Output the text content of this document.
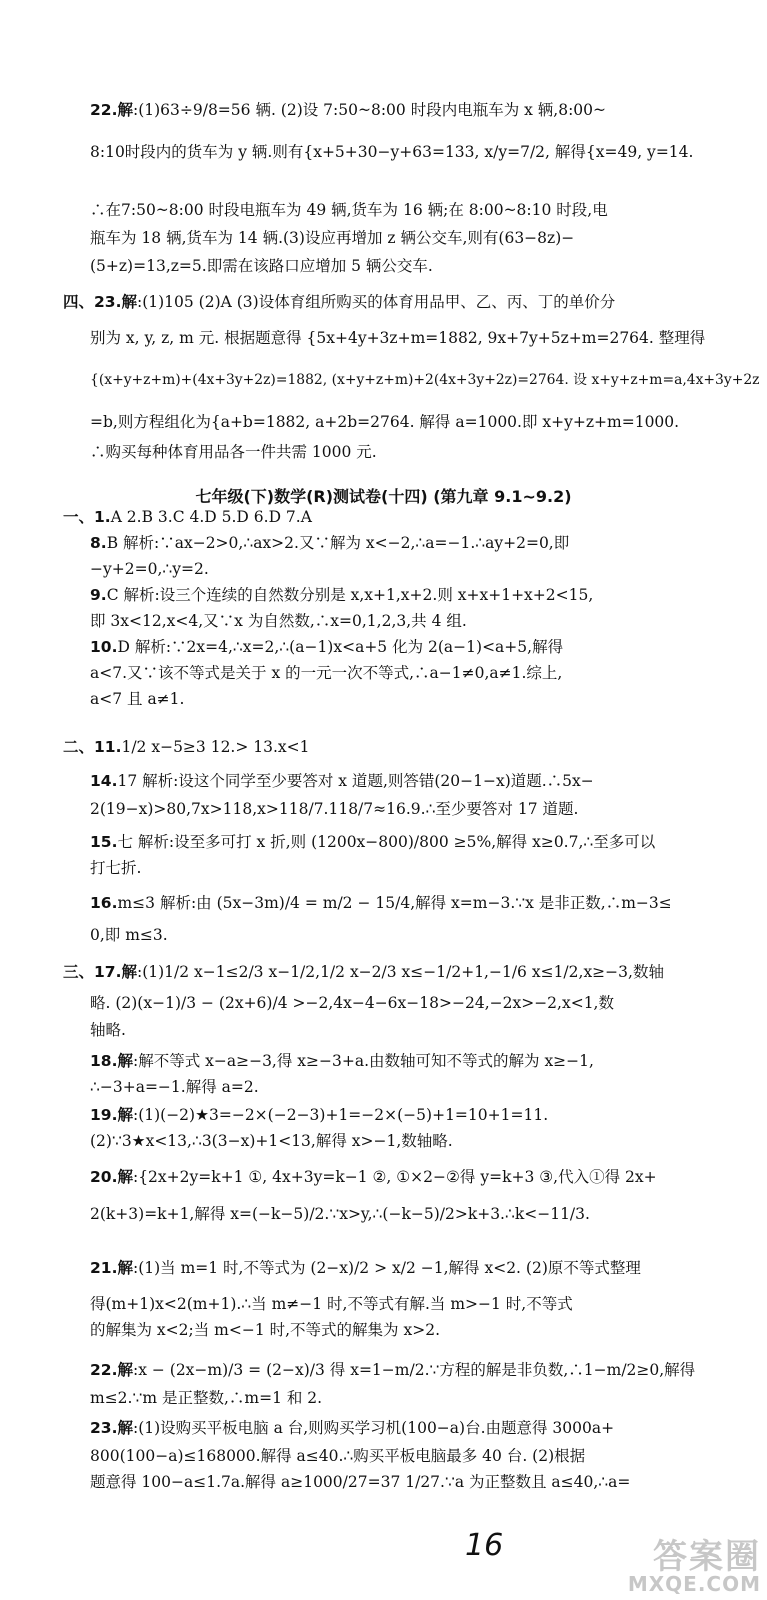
22.解:(1)63÷9/8=56 辆. (2)设 7:50~8:00 时段内电瓶车为 x 辆,8:00~
8:10时段内的货车为 y 辆.则有{x+5+30−y+63=133, x/y=7/2, 解得{x=49, y=14.
∴在7:50~8:00 时段电瓶车为 49 辆,货车为 16 辆;在 8:00~8:10 时段,电
瓶车为 18 辆,货车为 14 辆.(3)设应再增加 z 辆公交车,则有(63−8z)−
(5+z)=13,z=5.即需在该路口应增加 5 辆公交车.
四、23.解:(1)105 (2)A (3)设体育组所购买的体育用品甲、乙、丙、丁的单价分
别为 x, y, z, m 元. 根据题意得 {5x+4y+3z+m=1882, 9x+7y+5z+m=2764. 整理得
{(x+y+z+m)+(4x+3y+2z)=1882, (x+y+z+m)+2(4x+3y+2z)=2764. 设 x+y+z+m=a,4x+3y+2z
=b,则方程组化为{a+b=1882, a+2b=2764. 解得 a=1000.即 x+y+z+m=1000.
∴购买每种体育用品各一件共需 1000 元.
一、1.A 2.B 3.C 4.D 5.D 6.D 7.A
8.B 解析:∵ax−2>0,∴ax>2.又∵解为 x<−2,∴a=−1.∴ay+2=0,即
−y+2=0,∴y=2.
9.C 解析:设三个连续的自然数分别是 x,x+1,x+2.则 x+x+1+x+2<15,
即 3x<12,x<4,又∵x 为自然数,∴x=0,1,2,3,共 4 组.
10.D 解析:∵2x=4,∴x=2,∴(a−1)x<a+5 化为 2(a−1)<a+5,解得
a<7.又∵该不等式是关于 x 的一元一次不等式,∴a−1≠0,a≠1.综上,
a<7 且 a≠1.
二、11.1/2 x−5≥3 12.> 13.x<1
14.17 解析:设这个同学至少要答对 x 道题,则答错(20−1−x)道题.∴5x−
2(19−x)>80,7x>118,x>118/7.118/7≈16.9.∴至少要答对 17 道题.
15.七 解析:设至多可打 x 折,则 (1200x−800)/800 ≥5%,解得 x≥0.7,∴至多可以
打七折.
16.m≤3 解析:由 (5x−3m)/4 = m/2 − 15/4,解得 x=m−3.∵x 是非正数,∴m−3≤
0,即 m≤3.
三、17.解:(1)1/2 x−1≤2/3 x−1/2,1/2 x−2/3 x≤−1/2+1,−1/6 x≤1/2,x≥−3,数轴
略. (2)(x−1)/3 − (2x+6)/4 >−2,4x−4−6x−18>−24,−2x>−2,x<1,数
轴略.
18.解:解不等式 x−a≥−3,得 x≥−3+a.由数轴可知不等式的解为 x≥−1,
∴−3+a=−1.解得 a=2.
19.解:(1)(−2)★3=−2×(−2−3)+1=−2×(−5)+1=10+1=11.
(2)∵3★x<13,∴3(3−x)+1<13,解得 x>−1,数轴略.
20.解:{2x+2y=k+1 ①, 4x+3y=k−1 ②, ①×2−②得 y=k+3 ③,代入①得 2x+
2(k+3)=k+1,解得 x=(−k−5)/2.∵x>y,∴(−k−5)/2>k+3.∴k<−11/3.
21.解:(1)当 m=1 时,不等式为 (2−x)/2 > x/2 −1,解得 x<2. (2)原不等式整理
得(m+1)x<2(m+1).∴当 m≠−1 时,不等式有解.当 m>−1 时,不等式
的解集为 x<2;当 m<−1 时,不等式的解集为 x>2.
22.解:x − (2x−m)/3 = (2−x)/3 得 x=1−m/2.∵方程的解是非负数,∴1−m/2≥0,解得
m≤2.∵m 是正整数,∴m=1 和 2.
23.解:(1)设购买平板电脑 a 台,则购买学习机(100−a)台.由题意得 3000a+
800(100−a)≤168000.解得 a≤40.∴购买平板电脑最多 40 台. (2)根据
题意得 100−a≤1.7a.解得 a≥1000/27=37 1/27.∵a 为正整数且 a≤40,∴a=
七年级(下)数学(R)测试卷(十四) (第九章 9.1~9.2)
16	答案圈
MXQE.COM
